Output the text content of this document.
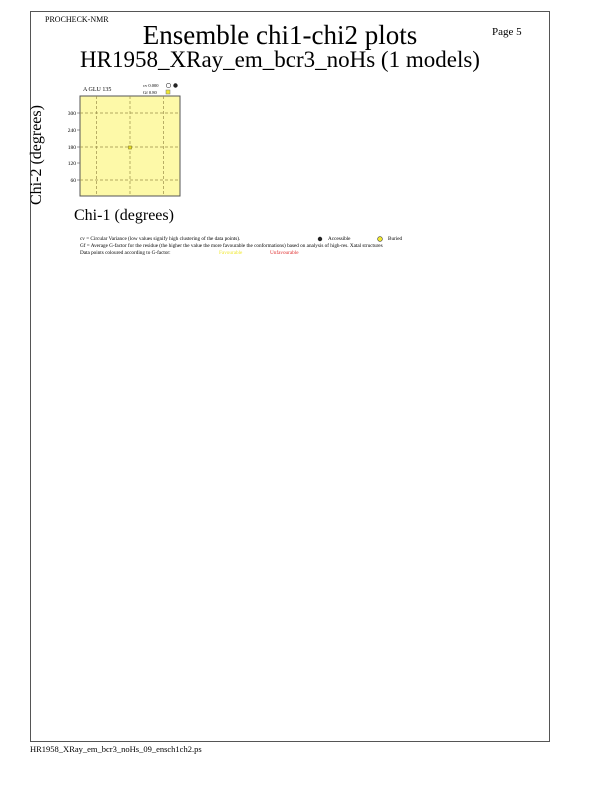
PROCHECK-NMR
Ensemble chi1-chi2 plots	Page 5
HR1958_XRay_em_bcr3_noHs (1 models)
Chi-2 (degrees)
Chi-1 (degrees)
A GLU 135
cv 0.000
Gf 0.80
300
240
180
120
60
cv = Circular Variance (low values signify high clustering of the data points).	Accessible	Buried
Gf = Average G-factor for the residue (the higher the value the more favourable the conformations) based on analysis of high-res. Xatal structures
Data points coloured according to G-factor:	Favourable	Unfavourable
HR1958_XRay_em_bcr3_noHs_09_ensch1ch2.ps
